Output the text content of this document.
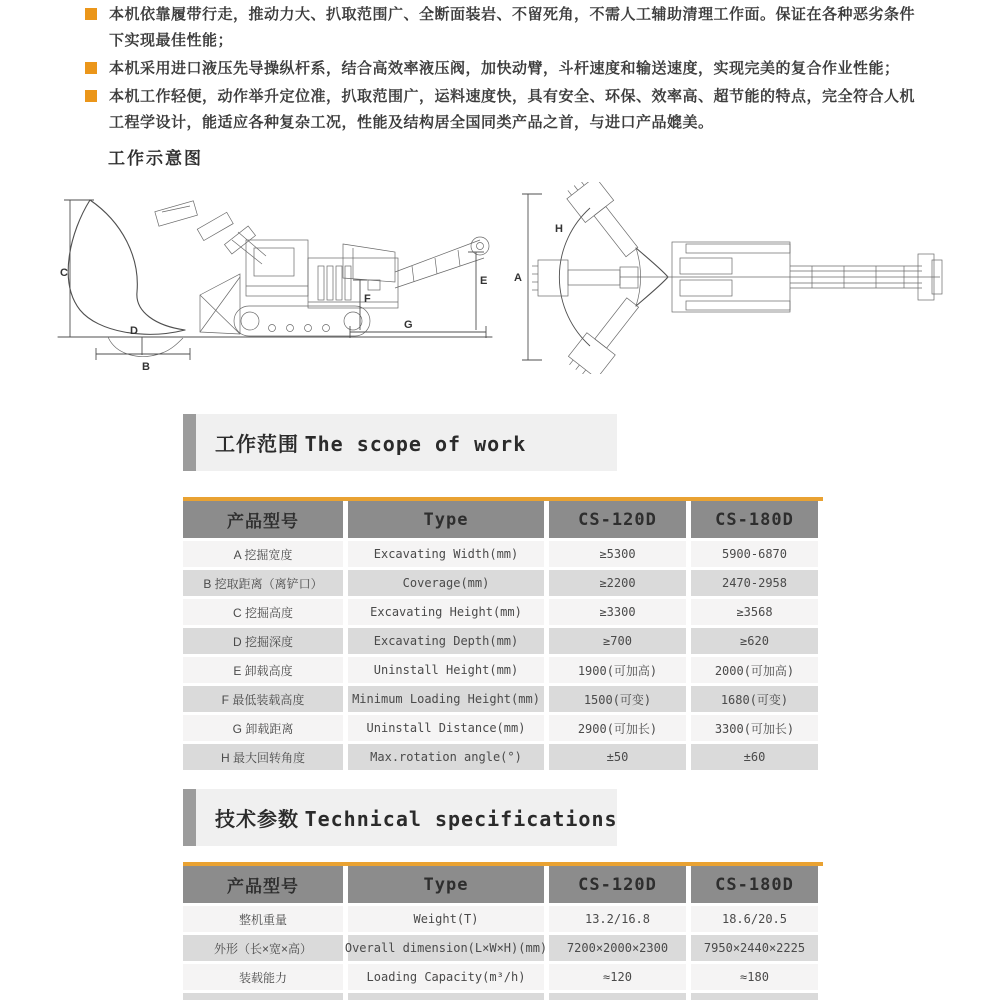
本机依靠履带行走，推动力大、扒取范围广、全断面装岩、不留死角，不需人工辅助清理工作面。保证在各种恶劣条件下实现最佳性能；
本机采用进口液压先导操纵杆系，结合高效率液压阀，加快动臂，斗杆速度和输送速度，实现完美的复合作业性能；
本机工作轻便，动作举升定位准，扒取范围广，运料速度快，具有安全、环保、效率高、超节能的特点，完全符合人机工程学设计，能适应各种复杂工况，性能及结构居全国同类产品之首，与进口产品媲美。
工作示意图
C
D
B
F
E
G
A
H
工作范围 The scope of work
产品型号	Type	CS-120D	CS-180D
A 挖掘宽度	Excavating Width(mm)	≥5300	5900-6870
B 挖取距离（离铲口）	Coverage(mm)	≥2200	2470-2958
C 挖掘高度	Excavating Height(mm)	≥3300	≥3568
D 挖掘深度	Excavating Depth(mm)	≥700	≥620
E 卸载高度	Uninstall Height(mm)	1900(可加高)	2000(可加高)
F 最低装载高度	Minimum Loading Height(mm)	1500(可变)	1680(可变)
G 卸载距离	Uninstall Distance(mm)	2900(可加长)	3300(可加长)
H 最大回转角度	Max.rotation angle(°)	±50	±60
技术参数 Technical specifications
产品型号	Type	CS-120D	CS-180D
整机重量	Weight(T)	13.2/16.8	18.6/20.5
外形（长×宽×高）	Overall dimension(L×W×H)(mm)	7200×2000×2300	7950×2440×2225
装载能力	Loading Capacity(m³/h)	≈120	≈180
